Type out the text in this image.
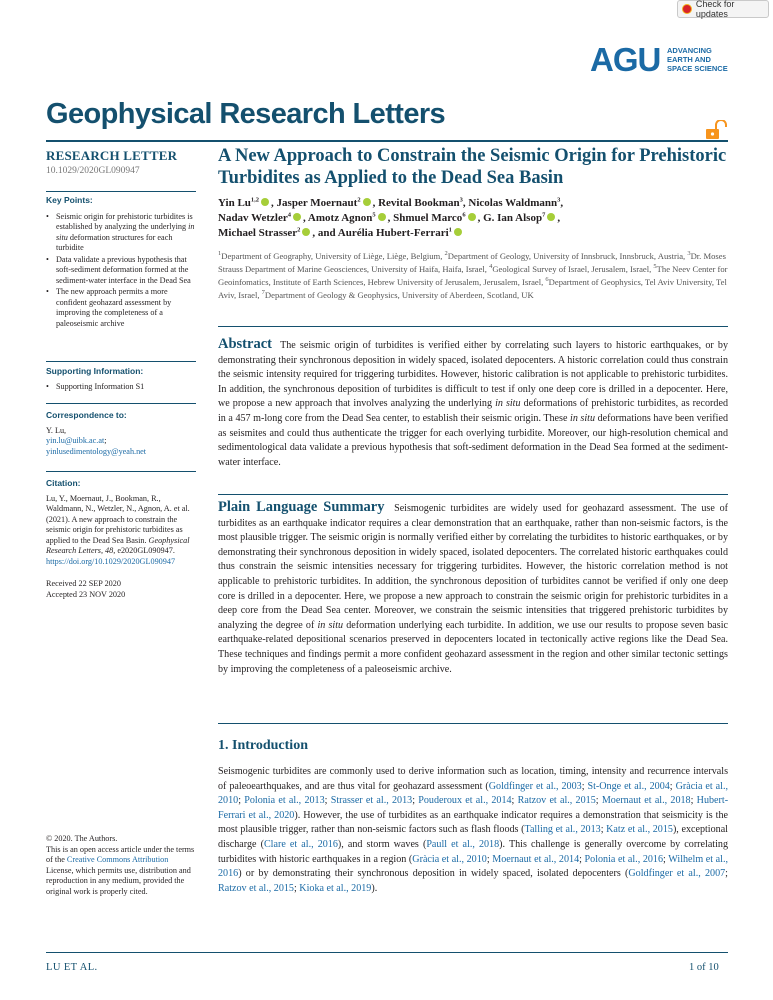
Check for updates
AGU ADVANCING
EARTH AND
SPACE SCIENCE
Geophysical Research Letters
RESEARCH LETTER
10.1029/2020GL090947
Key Points:
• Seismic origin for prehistoric turbidites is established by analyzing the underlying in situ deformation structures for each turbidite
• Data validate a previous hypothesis that soft-sediment deformation formed at the sediment-water interface in the Dead Sea
• The new approach permits a more confident geohazard assessment by improving the completeness of a paleoseismic archive
Supporting Information:
• Supporting Information S1
Correspondence to:
Y. Lu,
yin.lu@uibk.ac.at;
yinlusedimentology@yeah.net
Citation:
Lu, Y., Moernaut, J., Bookman, R., Waldmann, N., Wetzler, N., Agnon, A. et al. (2021). A new approach to constrain the seismic origin for prehistoric turbidites as applied to the Dead Sea Basin. Geophysical Research Letters, 48, e2020GL090947. https://doi.org/10.1029/2020GL090947
Received 22 SEP 2020
Accepted 23 NOV 2020
© 2020. The Authors.
This is an open access article under the terms of the Creative Commons Attribution License, which permits use, distribution and reproduction in any medium, provided the original work is properly cited.
A New Approach to Constrain the Seismic Origin for Prehistoric Turbidites as Applied to the Dead Sea Basin
Yin Lu$^{1,2}$ , Jasper Moernaut$^2$ , Revital Bookman$^3$, Nicolas Waldmann$^3$,
Nadav Wetzler$^4$ , Amotz Agnon$^5$ , Shmuel Marco$^6$ , G. Ian Alsop$^7$ ,
Michael Strasser$^2$ , and Aurélia Hubert-Ferrari$^1$
$^1$Department of Geography, University of Liège, Liège, Belgium, $^2$Department of Geology, University of Innsbruck, Innsbruck, Austria, $^3$Dr. Moses Strauss Department of Marine Geosciences, University of Haifa, Haifa, Israel, $^4$Geological Survey of Israel, Jerusalem, Israel, $^5$The Neev Center for Geoinfomatics, Institute of Earth Sciences, Hebrew University of Jerusalem, Jerusalem, Israel, $^6$Department of Geophysics, Tel Aviv University, Tel Aviv, Israel, $^7$Department of Geology & Geophysics, University of Aberdeen, Scotland, UK
Abstract The seismic origin of turbidites is verified either by correlating such layers to historic earthquakes, or by demonstrating their synchronous deposition in widely spaced, isolated depocenters. A historic correlation could thus constrain the seismic intensity required for triggering turbidites. However, historic calibration is not applicable to prehistoric turbidites. In addition, the synchronous deposition of turbidites is difficult to test if only one deep core is drilled in a depocenter. Here, we propose a new approach that involves analyzing the underlying in situ deformations of prehistoric turbidites, as recorded in a 457 m-long core from the Dead Sea center, to establish their seismic origin. These in situ deformations have been verified as seismites and could thus authenticate the trigger for each overlying turbidite. Moreover, our high-resolution chemical and sedimentological data validate a previous hypothesis that soft-sediment deformation in the Dead Sea formed at the sediment-water interface.
Plain Language Summary Seismogenic turbidites are widely used for geohazard assessment. The use of turbidites as an earthquake indicator requires a clear demonstration that an earthquake, rather than non-seismic factors, is the most plausible trigger. The seismic origin is normally verified either by correlating the turbidites to historic earthquakes, or by demonstrating their synchronous deposition in widely spaced, isolated depocenters. The correlated historic earthquakes could thus constrain the seismic intensities necessary for triggering turbidites. However, the historic correlation method is not applicable to prehistoric turbidites. In addition, the synchronous deposition of turbidites cannot be verified if only one deep core is drilled in a depocenter. Here, we propose a new approach to constrain the seismic origin for prehistoric turbidites in a deep core from the Dead Sea center. Moreover, we constrain the seismic intensities that triggered prehistoric turbidites by analyzing the degree of in situ deformation underlying each turbidite. In addition, we use our results to propose seven basic earthquake-related depositional scenarios preserved in depocenters located in tectonically active regions like the Dead Sea. These techniques and findings permit a more confident geohazard assessment in the region and other similar tectonic settings by improving the completeness of a paleoseismic archive.
1. Introduction
Seismogenic turbidites are commonly used to derive information such as location, timing, intensity and recurrence intervals of paleoearthquakes, and are thus vital for geohazard assessment (Goldfinger et al., 2003; St-Onge et al., 2004; Gràcia et al., 2010; Polonia et al., 2013; Strasser et al., 2013; Pouderoux et al., 2014; Ratzov et al., 2015; Moernaut et al., 2018; Hubert-Ferrari et al., 2020). However, the use of turbidites as an earthquake indicator requires a demonstration that seismicity is the most plausible trigger, rather than non-seismic factors such as flash floods (Talling et al., 2013; Katz et al., 2015), exceptional discharge (Clare et al., 2016), and storm waves (Paull et al., 2018). This challenge is generally overcome by correlating turbidites with historic earthquakes in a region (Gràcia et al., 2010; Moernaut et al., 2014; Polonia et al., 2016; Wilhelm et al., 2016) or by demonstrating their synchronous deposition in widely spaced, isolated depocenters (Goldfinger et al., 2007; Ratzov et al., 2015; Kioka et al., 2019).
LU ET AL.	1 of 10
